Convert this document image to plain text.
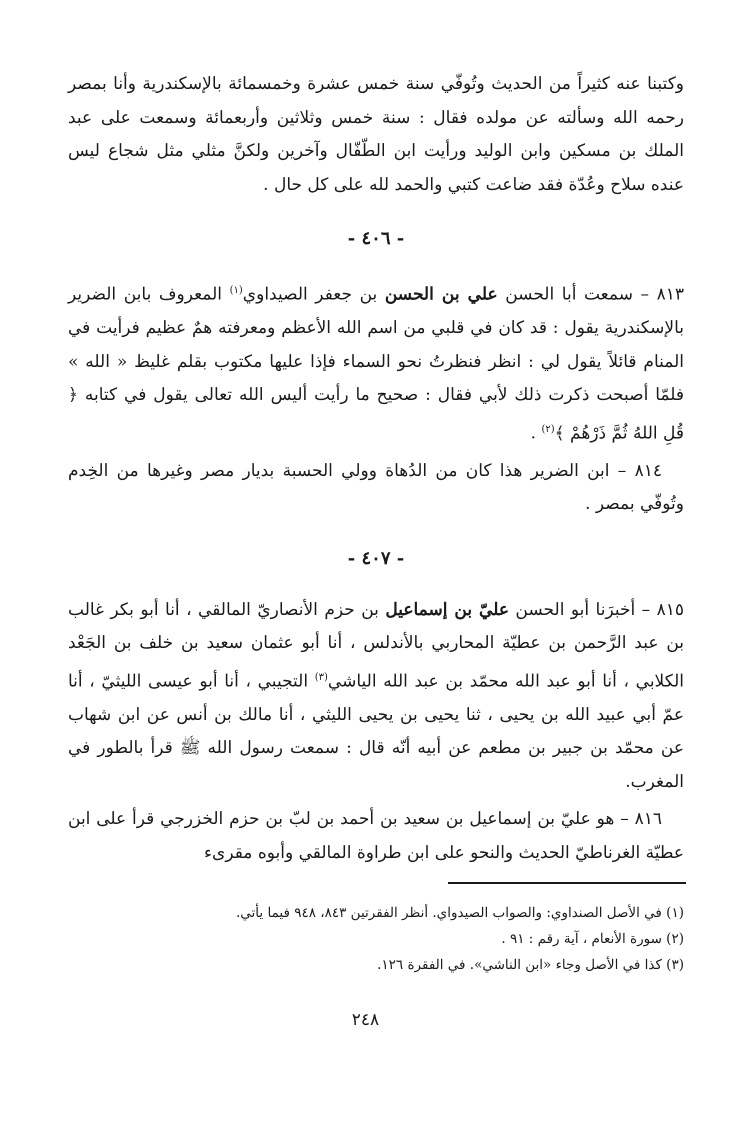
وكتبنا عنه كثيراً من الحديث وتُوفّي سنة خمس عشرة وخمسمائة بالإسكندرية وأنا بمصر رحمه الله وسألته عن مولده فقال : سنة خمس وثلاثين وأربعمائة وسمعت على عبد الملك بن مسكين وابن الوليد ورأيت ابن الطّفّال وآخرين ولكنَّ مثلي مثل شجاع ليس عنده سلاح وعُدّة فقد ضاعت كتبي والحمد لله على كل حال .

- ٤٠٦ -

٨١٣ – سمعت أبا الحسن علي بن الحسن بن جعفر الصيداوي$^{(١)}$ المعروف بابن الضرير بالإسكندرية يقول : قد كان في قلبي من اسم الله الأعظم ومعرفته همٌ عظيم فرأيت في المنام قائلاً يقول لي : انظر فنظرتُ نحو السماء فإذا عليها مكتوب بقلم غليظ « الله » فلمّا أصبحت ذكرت ذلك لأبي فقال : صحيح ما رأيت أليس الله تعالى يقول في كتابه ﴿ قُلِ اللهُ ثُمَّ ذَرْهُمْ ﴾$^{(٢)}$ .

٨١٤ – ابن الضرير هذا كان من الدُهاة وولي الحسبة بديار مصر وغيرها من الخِدم وتُوفّي بمصر .

- ٤٠٧ -

٨١٥ – أخبرَنا أبو الحسن عليّ بن إسماعيل بن حزم الأنصاريّ المالقي ، أنا أبو بكر غالب بن عبد الرَّحمن بن عطيّة المحاربي بالأندلس ، أنا أبو عثمان سعيد بن خلف بن الجَعْد الكلابي ، أنا أبو عبد الله محمّد بن عبد الله الياشي$^{(٣)}$ التجيبي ، أنا أبو عيسى الليثيّ ، أنا عمّ أبي عبيد الله بن يحيى ، ثنا يحيى بن يحيى الليثي ، أنا مالك بن أنس عن ابن شهاب عن محمّد بن جبير بن مطعم عن أبيه أنّه قال : سمعت رسول الله ﷺ قرأ بالطور في المغرب.

٨١٦ – هو عليّ بن إسماعيل بن سعيد بن أحمد بن لبّ بن حزم الخزرجي قرأ على ابن عطيّة الغرناطيّ الحديث والنحو على ابن طراوة المالقي وأبوه مقرىء

(١) في الأصل الصنداوي: والصواب الصيدواي. أنظر الفقرتين ٨٤٣، ٩٤٨ فيما يأتي.

(٢) سورة الأنعام ، آية رقم : ٩١ .

(٣) كذا في الأصل وجاء «ابن الناشي». في الفقرة ١٢٦.

٢٤٨
